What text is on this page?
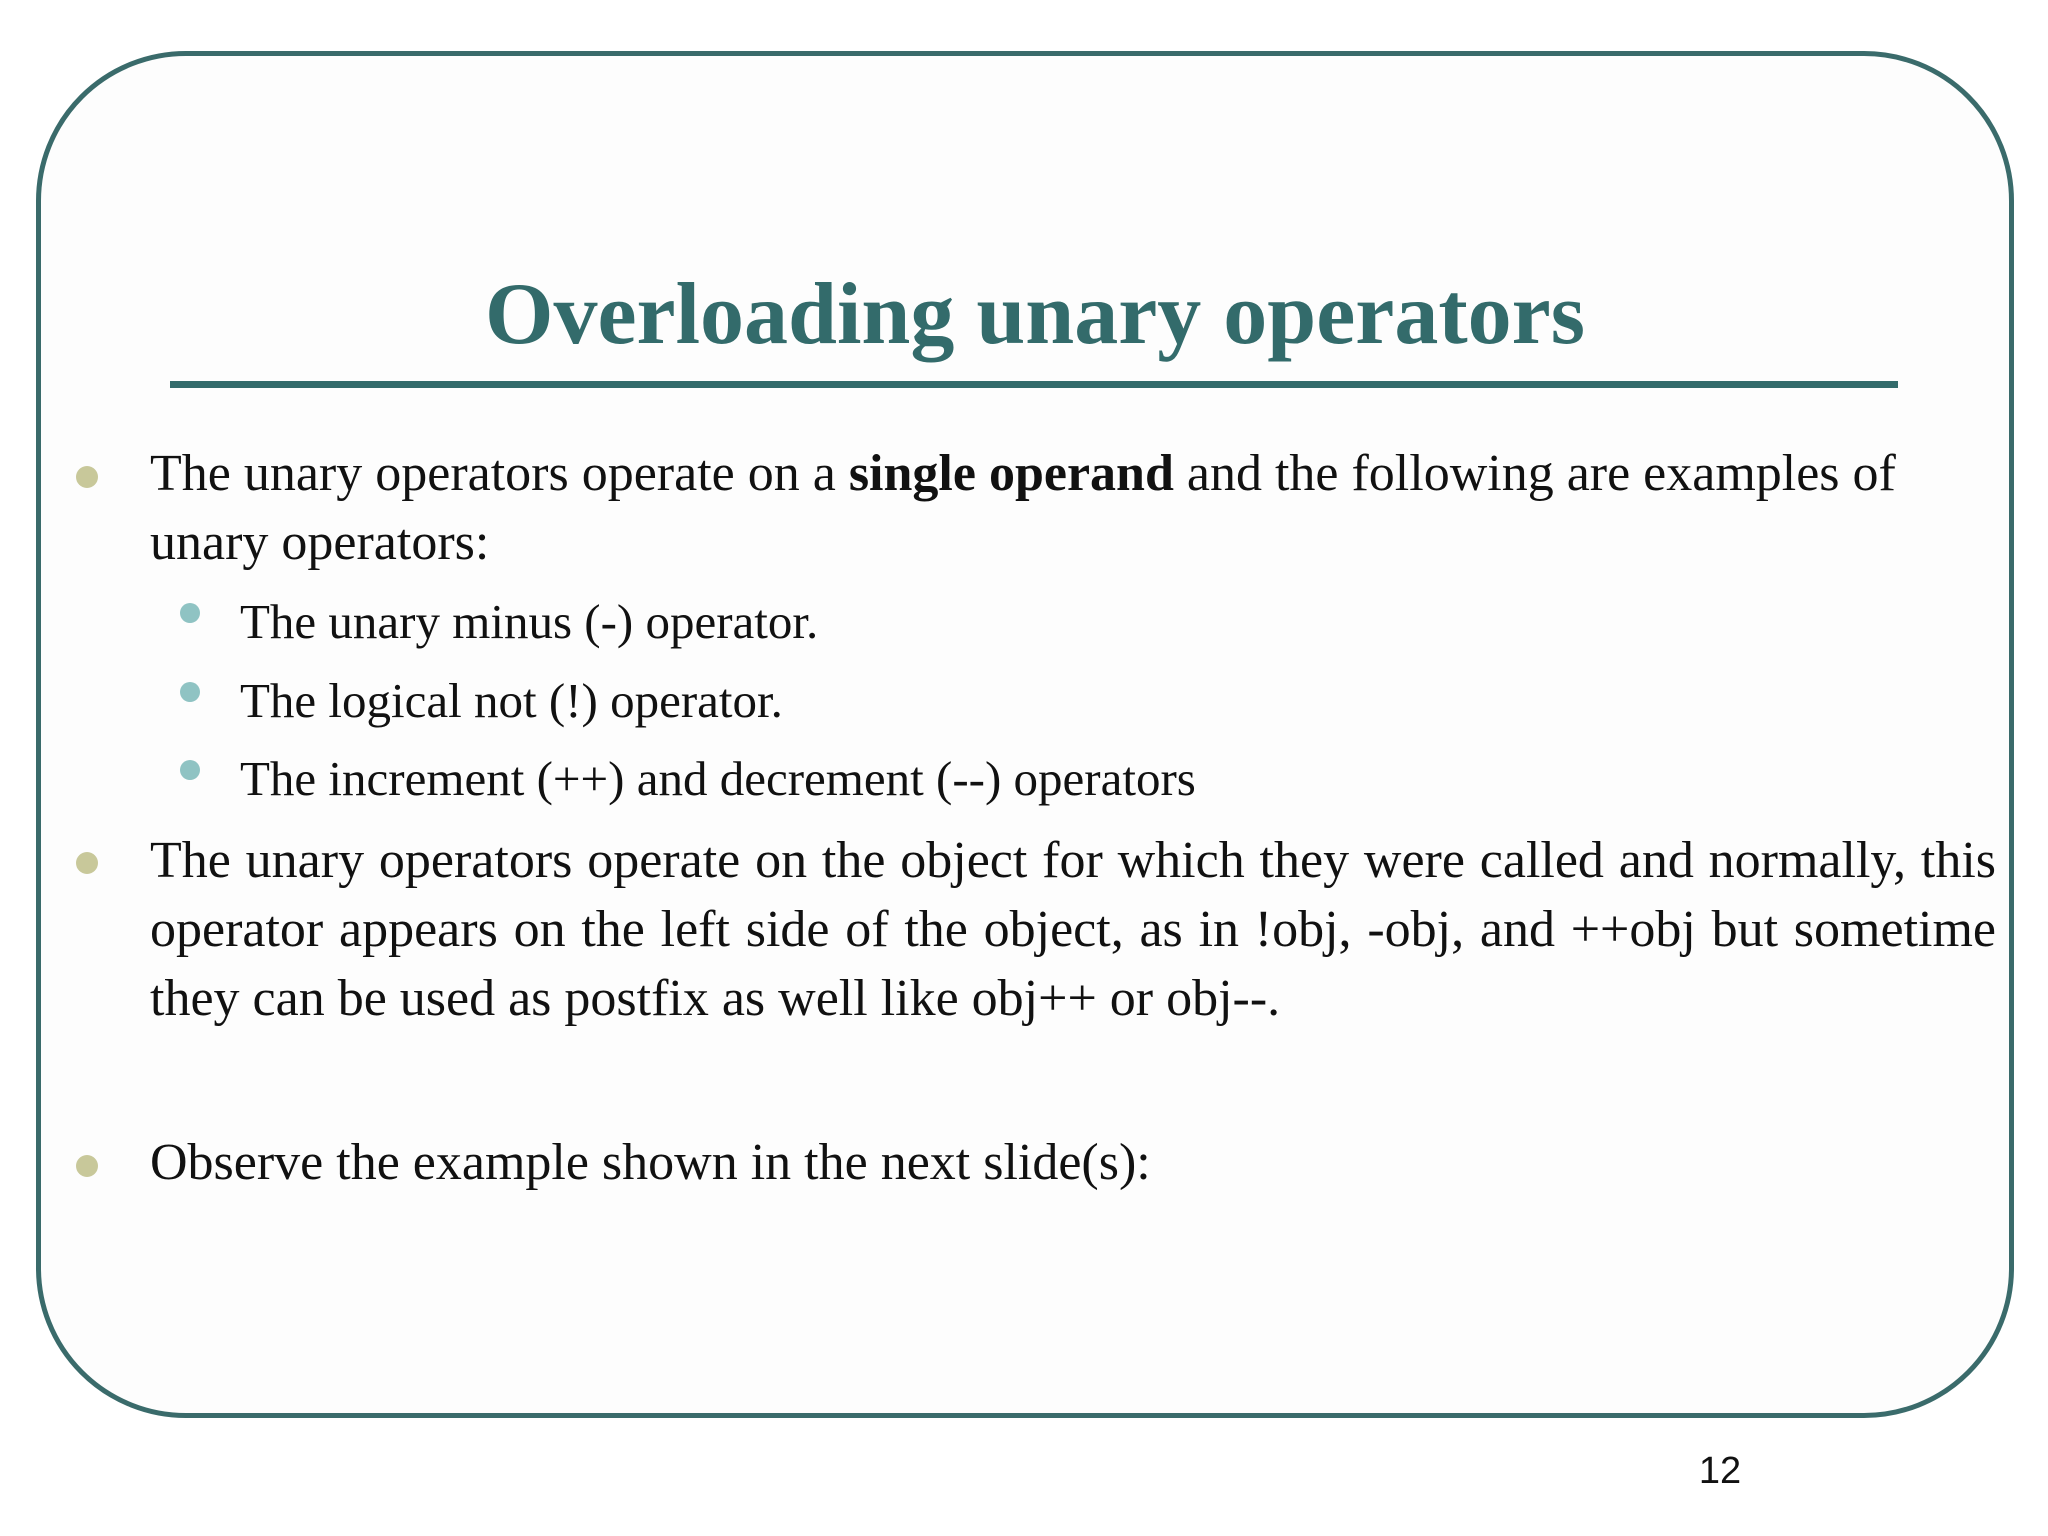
Overloading unary operators
The unary operators operate on a single operand and the following are examples of unary operators:
The unary minus (-) operator.
The logical not (!) operator.
The increment (++) and decrement (--) operators
The unary operators operate on the object for which they were called and normally, this operator appears on the left side of the object, as in !obj, -obj, and ++obj but sometime they can be used as postfix as well like obj++ or obj--.
Observe the example shown in the next slide(s):
12
